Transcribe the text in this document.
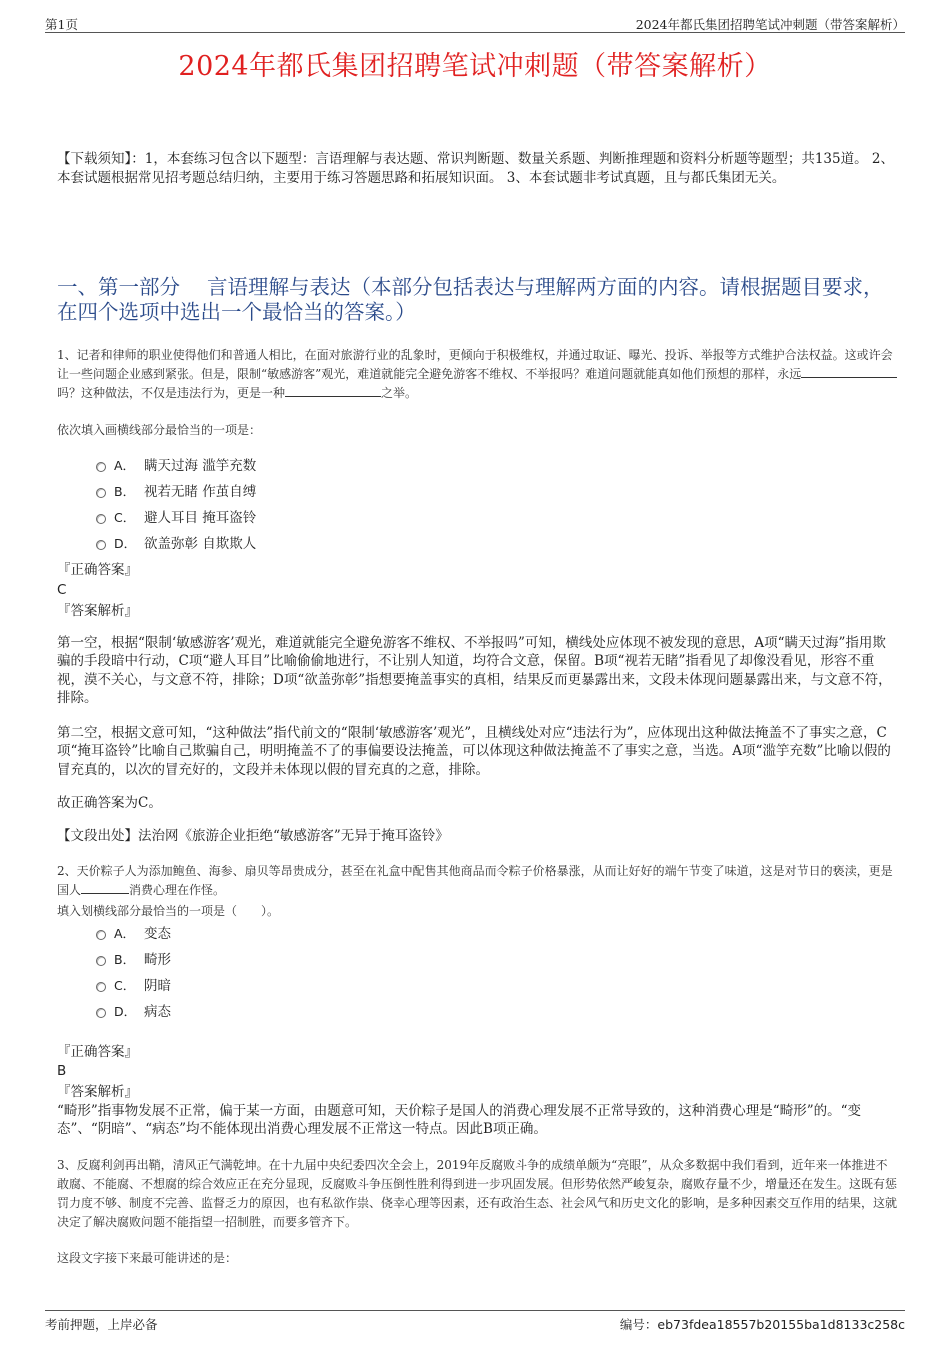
第1页	2024年都氏集团招聘笔试冲刺题（带答案解析）
2024年都氏集团招聘笔试冲刺题（带答案解析）
【下载须知】：1，本套练习包含以下题型：言语理解与表达题、常识判断题、数量关系题、判断推理题和资料分析题等题型；共135道。 2、本套试题根据常见招考题总结归纳，主要用于练习答题思路和拓展知识面。 3、本套试题非考试真题，且与都氏集团无关。
一、第一部分　 言语理解与表达（本部分包括表达与理解两方面的内容。请根据题目要求，在四个选项中选出一个最恰当的答案。）
1、记者和律师的职业使得他们和普通人相比，在面对旅游行业的乱象时，更倾向于积极维权，并通过取证、曝光、投诉、举报等方式维护合法权益。这或许会让一些问题企业感到紧张。但是，限制“敏感游客”观光，难道就能完全避免游客不维权、不举报吗？难道问题就能真如他们预想的那样，永远吗？这种做法，不仅是违法行为，更是一种	之举。
依次填入画横线部分最恰当的一项是：
A． 瞒天过海 滥竽充数
B． 视若无睹 作茧自缚
C． 避人耳目 掩耳盗铃
D． 欲盖弥彰 自欺欺人
『正确答案』
C
『答案解析』
第一空，根据“限制‘敏感游客’观光，难道就能完全避免游客不维权、不举报吗”可知，横线处应体现不被发现的意思，A项“瞒天过海”指用欺骗的手段暗中行动，C项“避人耳目”比喻偷偷地进行，不让别人知道，均符合文意，保留。B项“视若无睹”指看见了却像没看见，形容不重视，漠不关心，与文意不符，排除；D项“欲盖弥彰”指想要掩盖事实的真相，结果反而更暴露出来，文段未体现问题暴露出来，与文意不符，排除。
第二空，根据文意可知，“这种做法”指代前文的“限制‘敏感游客’观光”，且横线处对应“违法行为”，应体现出这种做法掩盖不了事实之意，C项“掩耳盗铃”比喻自己欺骗自己，明明掩盖不了的事偏要设法掩盖，可以体现这种做法掩盖不了事实之意，当选。A项“滥竽充数”比喻以假的冒充真的，以次的冒充好的，文段并未体现以假的冒充真的之意，排除。
故正确答案为C。
【文段出处】法治网《旅游企业拒绝“敏感游客”无异于掩耳盗铃》
2、天价粽子人为添加鲍鱼、海参、扇贝等昂贵成分，甚至在礼盒中配售其他商品而令粽子价格暴涨，从而让好好的端午节变了味道，这是对节日的亵渎，更是国人	消费心理在作怪。
填入划横线部分最恰当的一项是（　　）。
A． 变态
B． 畸形
C． 阴暗
D． 病态
『正确答案』
B
『答案解析』
“畸形”指事物发展不正常，偏于某一方面，由题意可知，天价粽子是国人的消费心理发展不正常导致的，这种消费心理是“畸形”的。“变态”、“阴暗”、“病态”均不能体现出消费心理发展不正常这一特点。因此B项正确。
3、反腐利剑再出鞘，清风正气满乾坤。在十九届中央纪委四次全会上，2019年反腐败斗争的成绩单颇为“亮眼”，从众多数据中我们看到，近年来一体推进不敢腐、不能腐、不想腐的综合效应正在充分显现，反腐败斗争压倒性胜利得到进一步巩固发展。但形势依然严峻复杂，腐败存量不少，增量还在发生。这既有惩罚力度不够、制度不完善、监督乏力的原因，也有私欲作祟、侥幸心理等因素，还有政治生态、社会风气和历史文化的影响，是多种因素交互作用的结果，这就决定了解决腐败问题不能指望一招制胜，而要多管齐下。
这段文字接下来最可能讲述的是：
考前押题，上岸必备	编号：eb73fdea18557b20155ba1d8133c258c
